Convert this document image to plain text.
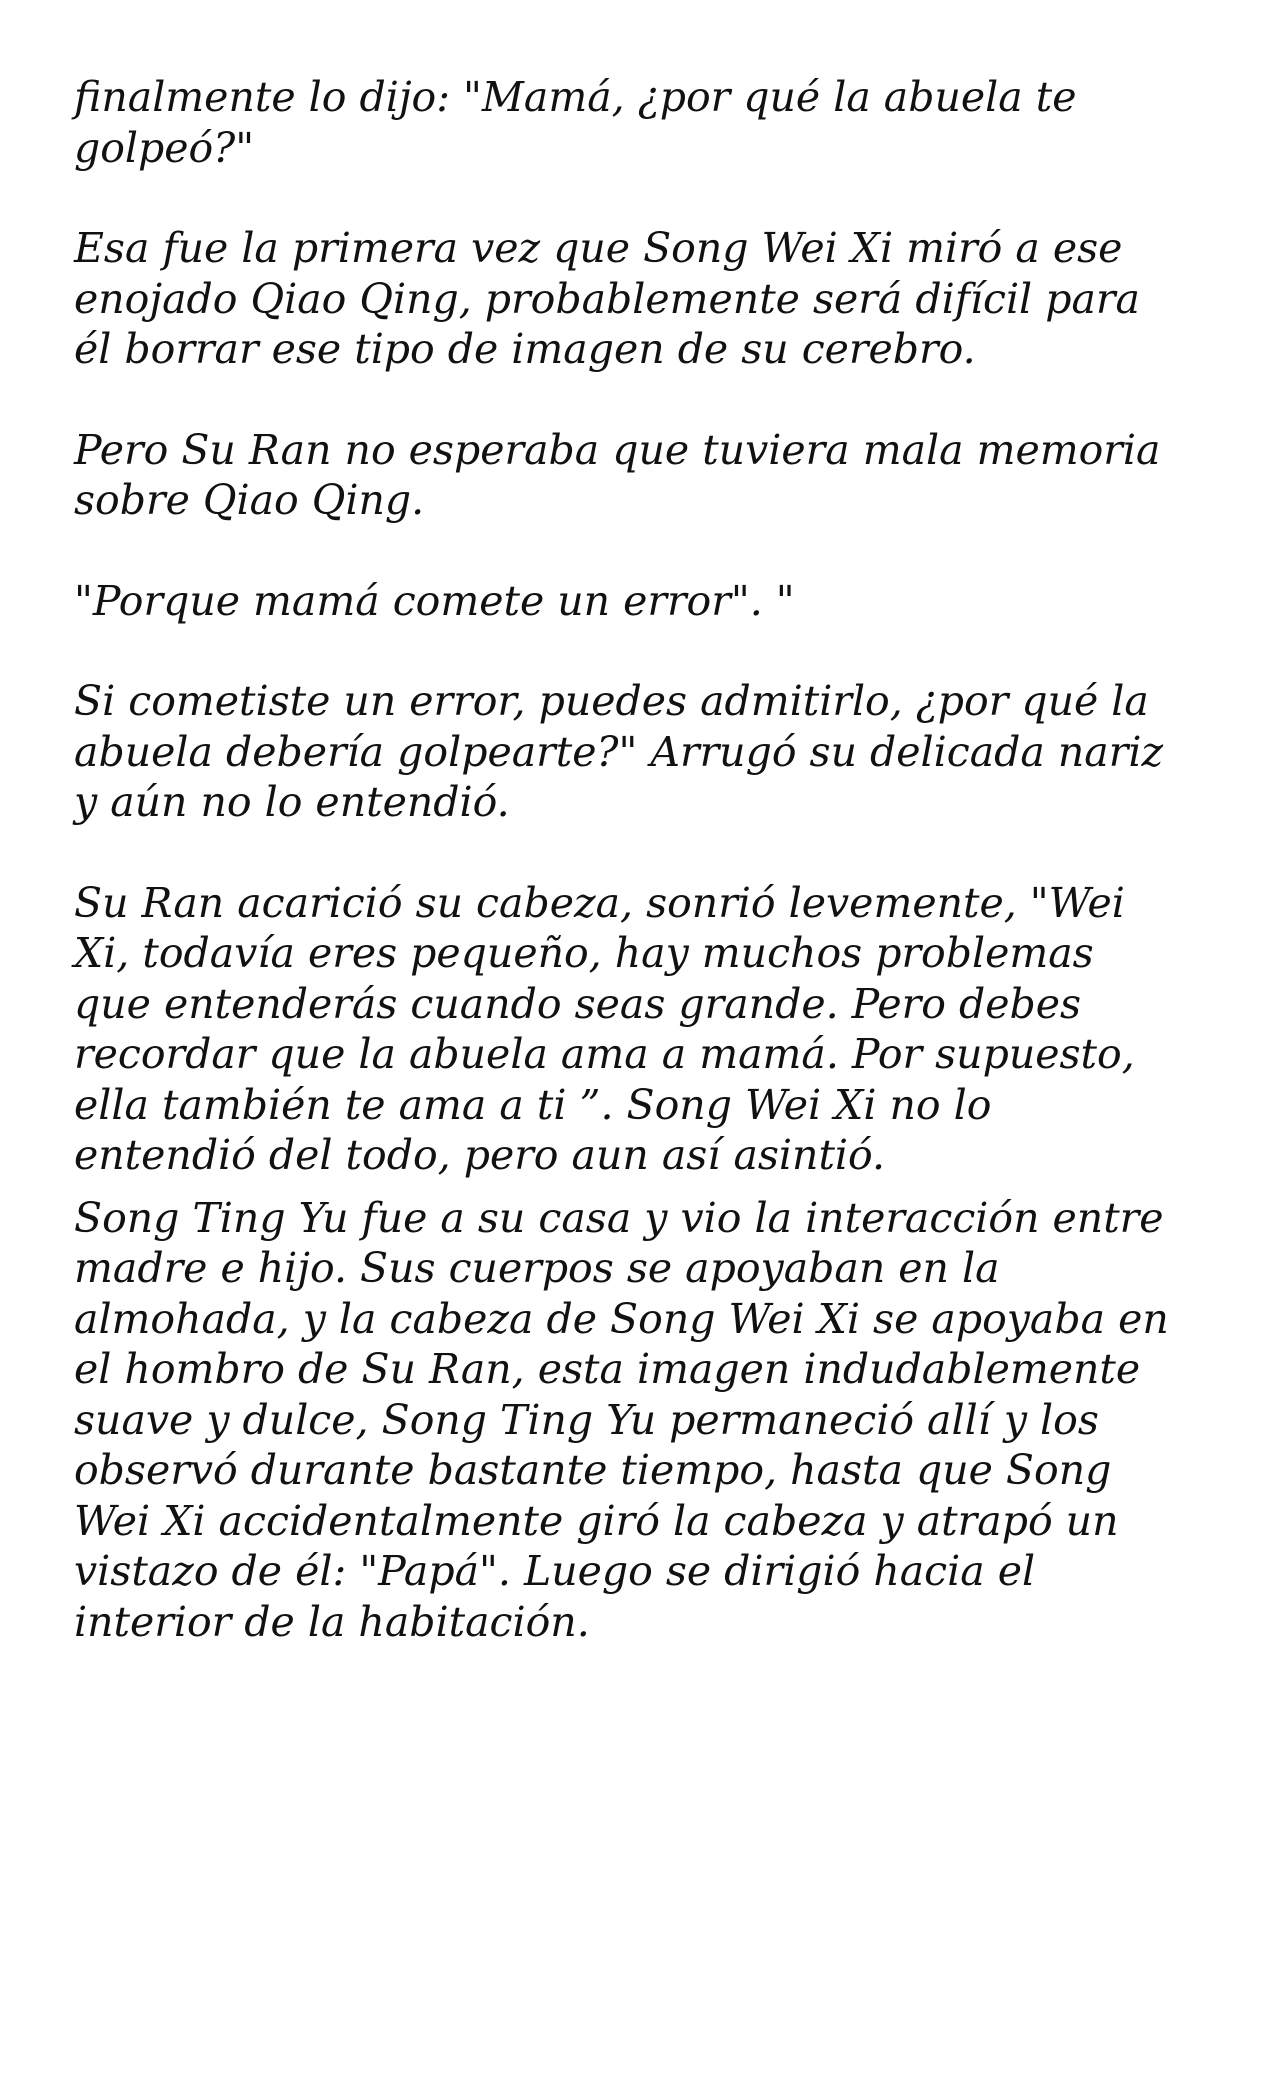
finalmente lo dijo: "Mamá, ¿por qué la abuela te
golpeó?"

Esa fue la primera vez que Song Wei Xi miró a ese
enojado Qiao Qing, probablemente será difícil para
él borrar ese tipo de imagen de su cerebro.

Pero Su Ran no esperaba que tuviera mala memoria
sobre Qiao Qing.

"Porque mamá comete un error". "

Si cometiste un error, puedes admitirlo, ¿por qué la
abuela debería golpearte?" Arrugó su delicada nariz
y aún no lo entendió.

Su Ran acarició su cabeza, sonrió levemente, "Wei
Xi, todavía eres pequeño, hay muchos problemas
que entenderás cuando seas grande. Pero debes
recordar que la abuela ama a mamá. Por supuesto,
ella también te ama a ti ”. Song Wei Xi no lo
entendió del todo, pero aun así asintió.

Song Ting Yu fue a su casa y vio la interacción entre
madre e hijo. Sus cuerpos se apoyaban en la
almohada, y la cabeza de Song Wei Xi se apoyaba en
el hombro de Su Ran, esta imagen indudablemente
suave y dulce, Song Ting Yu permaneció allí y los
observó durante bastante tiempo, hasta que Song
Wei Xi accidentalmente giró la cabeza y atrapó un
vistazo de él: "Papá". Luego se dirigió hacia el
interior de la habitación.
